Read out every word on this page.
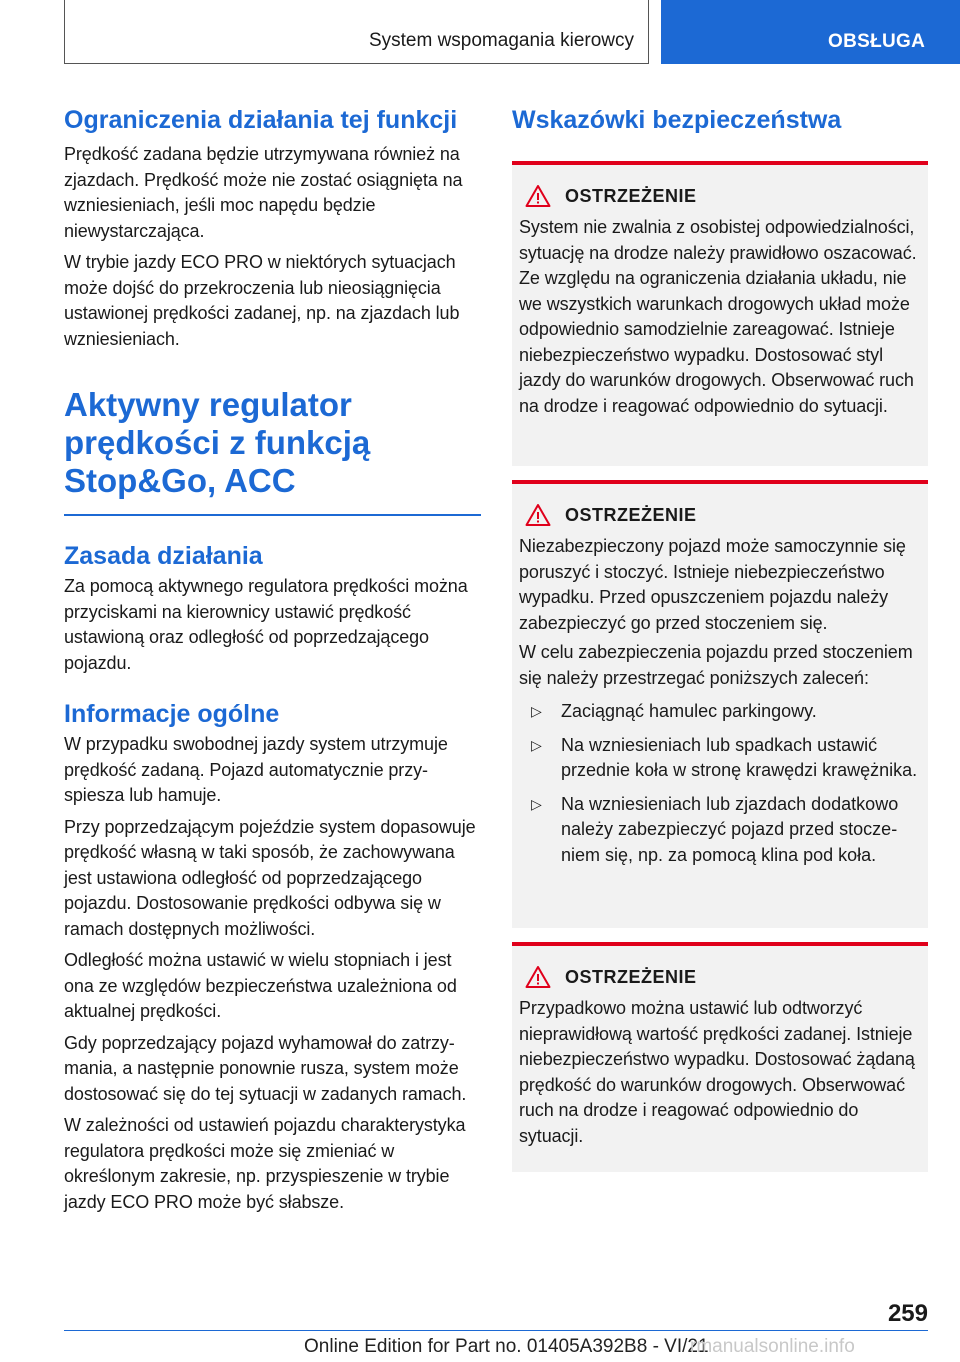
System wspomagania kierowcy	OBSŁUGA
Ograniczenia działania tej funkcji
Prędkość zadana będzie utrzymywana również na zjazdach. Prędkość może nie zostać osiągnięta na wzniesieniach, jeśli moc napędu będzie niewystarczająca.
W trybie jazdy ECO PRO w niektórych sytuacjach może dojść do przekroczenia lub nieosiągnięcia ustawionej prędkości zadanej, np. na zjazdach lub wzniesieniach.
Aktywny regulator
prędkości z funkcją
Stop&Go, ACC
Zasada działania
Za pomocą aktywnego regulatora prędkości można przyciskami na kierownicy ustawić prędkość ustawioną oraz odległość od poprzedzającego pojazdu.
Informacje ogólne
W przypadku swobodnej jazdy system utrzymuje prędkość zadaną. Pojazd automatycznie przyspiesza lub hamuje.
Przy poprzedzającym pojeździe system dopasowuje prędkość własną w taki sposób, że zachowywana jest ustawiona odległość od poprzedzającego pojazdu. Dostosowanie prędkości odbywa się w ramach dostępnych możliwości.
Odległość można ustawić w wielu stopniach i jest ona ze względów bezpieczeństwa uzależniona od aktualnej prędkości.
Gdy poprzedzający pojazd wyhamował do zatrzymania, a następnie ponownie rusza, system może dostosować się do tej sytuacji w zadanych ramach.
W zależności od ustawień pojazdu charakterystyka regulatora prędkości może się zmieniać w określonym zakresie, np. przyspieszenie w trybie jazdy ECO PRO może być słabsze.
Wskazówki bezpieczeństwa
OSTRZEŻENIE
System nie zwalnia z osobistej odpowiedzialności, sytuację na drodze należy prawidłowo oszacować. Ze względu na ograniczenia działania układu, nie we wszystkich warunkach drogowych układ może odpowiednio samodzielnie zareagować. Istnieje niebezpieczeństwo wypadku. Dostosować styl jazdy do warunków drogowych. Obserwować ruch na drodze i reagować odpowiednio do sytuacji.
OSTRZEŻENIE
Niezabezpieczony pojazd może samoczynnie się poruszyć i stoczyć. Istnieje niebezpieczeństwo wypadku. Przed opuszczeniem pojazdu należy zabezpieczyć go przed stoczeniem się.
W celu zabezpieczenia pojazdu przed stoczeniem się należy przestrzegać poniższych zaleceń:
▷	Zaciągnąć hamulec parkingowy.
▷	Na wzniesieniach lub spadkach ustawić przednie koła w stronę krawędzi krawężnika.
▷	Na wzniesieniach lub zjazdach dodatkowo należy zabezpieczyć pojazd przed stoczeniem się, np. za pomocą klina pod koła.
OSTRZEŻENIE
Przypadkowo można ustawić lub odtworzyć nieprawidłową wartość prędkości zadanej. Istnieje niebezpieczeństwo wypadku. Dostosować żądaną prędkość do warunków drogowych. Obserwować ruch na drodze i reagować odpowiednio do sytuacji.
259
Online Edition for Part no. 01405A392B8 - VI/21
rmanualsonline.info
